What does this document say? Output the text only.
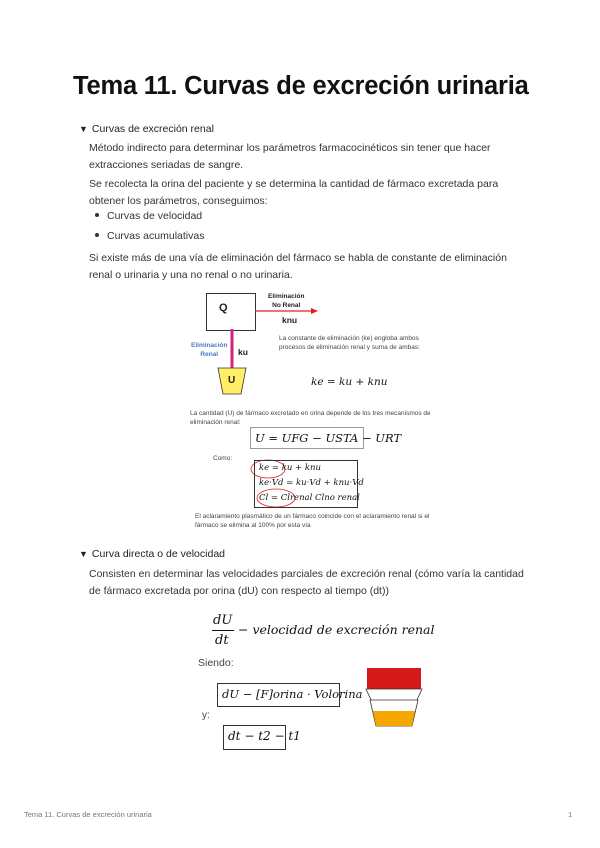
Tema 11. Curvas de excreción urinaria
▼ Curvas de excreción renal

Método indirecto para determinar los parámetros farmacocinéticos sin tener que hacer extracciones seriadas de sangre.

Se recolecta la orina del paciente y se determina la cantidad de fármaco excretada para obtener los parámetros, conseguimos:

Curvas de velocidad
Curvas acumulativas

Si existe más de una vía de eliminación del fármaco se habla de constante de eliminación renal o urinaria y una no renal o no urinaria.

Q
Eliminación
No Renal
knu
Eliminación
Renal	ku
U
La constante de eliminación (ke) engloba ambos procesos de eliminación renal y suma de ambas:
ke = ku + knu
La cantidad (U) de fármaco excretado en orina depende de los tres mecanismos de eliminación renal:
U = UFG − USTA − URT
Como:
ke = ku + knu
ke·Vd = ku·Vd + knu·Vd
Cl = Clrenal Clno renal
El aclaramiento plasmático de un fármaco coincide con el aclaramiento renal si el fármaco se elimina al 100% por esta vía
▼ Curva directa o de velocidad

Consisten en determinar las velocidades parciales de excreción renal (cómo varía la cantidad de fármaco excretada por orina (dU) con respecto al tiempo (dt))

dU
dt
− velocidad de excreción renal
Siendo:
dU − [F]orina · Volorina
y:
dt − t2 − t1
Tema 11. Curvas de excreción urinaria	1
